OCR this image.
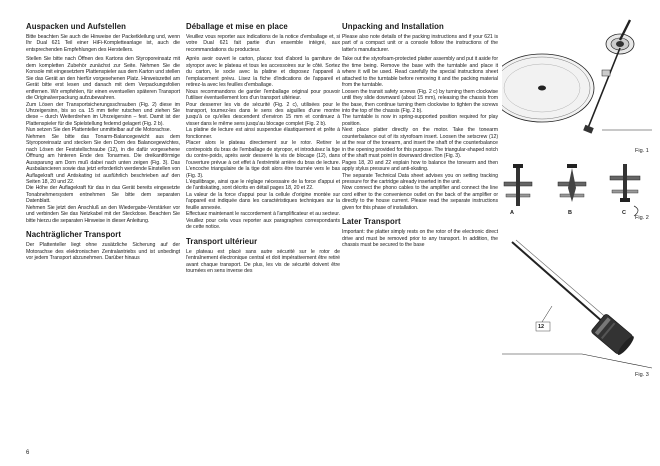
Auspacken und Aufstellen

Bitte beachten Sie auch die Hinweise der Packetkleilung und, wenn Ihr Dual 621 Teil einer HiFi-Kompletteanlage ist, auch die entsprechenden Empfehlungen des Herstellers.

Stellen Sie bitte nach Öffnen des Kartons den Styroporeinsatz mit dem kompletten Zubehör zunächst zur Seite. Nehmen Sie die Konsole mit eingesetztem Plattenspieler aus dem Karton und stellen Sie das Gerät an den hierfür vorgesehenen Platz. Hinweiszettel am Gerät bitte erst lesen und danach mit dem Verpackungsfolien entfernen. Wir empfehlen, für einen eventuellen späteren Transport die Originalverpackung aufzubewahren.

Zum Lösen der Transportsicherungsschrauben (Fig. 2) diese im Uhrzeigersinn, bis so ca. 15 mm tiefer rutschen und ziehen Sie diese – durch Weiterdrehen im Uhrzeigersinn – fest. Damit ist der Plattenspieler für die Spielstellung federnd gelagert (Fig. 2 b).

Nun setzen Sie den Plattenteller unmittelbar auf die Motorachse.

Nehmen Sie bitte das Tonarm-Balancegewicht aus dem Styroporeinsatz und stecken Sie den Dorn des Balancegewichtes, nach Lösen der Feststellschraube (12), in die dafür vorgesehene Öffnung am hinteren Ende des Tonarmes. Die dreikantförmige Aussparung am Dorn muß dabei nach unten zeigen (Fig. 3). Das Ausbalancieren sowie das jetzt erforderlich werdende Einstellen von Auflagekraft und Antiskating ist ausführlich beschrieben auf den Seiten 18, 20 und 22.

Die Höhe der Auflagekraft für das in das Gerät bereits eingesetzte Tonabnehmersystem entnehmen Sie bitte dem separaten Datenblatt.

Nehmen Sie jetzt den Anschluß an den Wiedergabe-Verstärker vor und verbinden Sie das Netzkabel mit der Steckdose. Beachten Sie bitte hierzu die separaten Hinweise in dieser Anleitung.

Nachträglicher Transport

Der Plattenteller liegt ohne zusätzliche Sicherung auf der Motorachse des elektronischen Zentralantriebs und ist unbedingt vor jedem Transport abzunehmen. Darüber hinaus

Déballage et mise en place

Veuillez vous reporter aux indications de la notice d'emballage et, si votre Dual 621 fait partie d'un ensemble intégré, aux recommandations du producteur.

Après avoir ouvert le carton, placez tout d'abord la garniture de styropor avec le plateau et tous les accessoires sur le côté. Sortez du carton, le socle avec la platine et disposez l'appareil à l'emplacement prévu. Lisez la fiche d'indications de l'appareil et retirez-la avec les feuilles d'emballage.

Nous recommandons de garder l'emballage original pour pouvoir l'utiliser éventuellement lors d'un transport ultérieur.

Pour desserrer les vis de sécurité (Fig. 2 c), utilisées pour le transport, tournez-les dans le sens des aiguilles d'une montre jusqu'à ce qu'elles descendent d'environ 15 mm et continuez à visser dans le même sens jusqu'au blocage complet (Fig. 2 b).

La platine de lecture est ainsi suspendue élastiquement et prête à fonctionner.

Placer alors le plateau directement sur le rotor. Retirer le contrepoids du bras de l'emballage de styropor, et introduisez la tige du contre-poids, après avoir desserré la vis de blocage (12), dans l'ouverture prévue à cet effet à l'extrémité arrière du bras de lecture. L'encoche triangulaire de la tige doit alors être tournée vers le bas (Fig. 3).

L'équilibrage, ainsi que le réglage nécessaire de la force d'appui et de l'antiskating, sont décrits en détail pages 18, 20 et 22.

La valeur de la force d'appui pour la cellule d'origine montée sur l'appareil est indiquée dans les caractéristiques techniques sur la feuille annexée.

Effectuez maintenant le raccordement à l'amplificateur et au secteur. Veuillez pour cela vous reporter aux paragraphes correspondants de cette notice.

Transport ultérieur

Le plateau est placé sans autre sécurité sur le rotor de l'entraînement électronique central et doit impérativement être retiré avant chaque transport. De plus, les vis de sécurité doivent être tournées en sens inverse des

Unpacking and Installation

Please also note details of the packing instructions and if your 621 is part of a compact unit or a console follow the instructions of the latter's manufacturer.

Take out the styrofoam-protected platter assembly and put it aside for the time being. Remove the base with the turntable and place it where it will be used. Read carefully the special instructions sheet attached to the turntable before removing it and the packing material from the turntable.

Loosen the transit safety screws (Fig. 2 c) by turning them clockwise until they slide downward (about 15 mm), releasing the chassis from the base, then continue turning them clockwise to tighten the screws into the top of the chassis (Fig. 2 b).

The turntable is now in spring-supported position required for play position.

Next place platter directly on the motor. Take the tonearm counterbalance out of its styrofoam insert. Loosen the setscrew (12) at the rear of the tonearm, and insert the shaft of the counterbalance in the opening provided for this purpose. The triangular-shaped notch of the shaft must point in downward direction (Fig. 3).

Pages 18, 20 and 22 explain how to balance the tonearm and then apply stylus pressure and anti-skating.

The separate Technical Data sheet advises you on setting tracking pressure for the cartridge already inserted in the unit.

Now connect the phono cables to the amplifier and connect the line cord either to the convenience outlet on the back of the amplifier or directly to the house current. Please read the separate instructions given for this phase of installation.

Later Transport

Important: the platter simply rests on the rotor of the electronic direct drive and must be removed prior to any transport. In addition, the chassis must be secured to the base

Fig. 1
A	B	C
Fig. 2
12
Fig. 3
6
